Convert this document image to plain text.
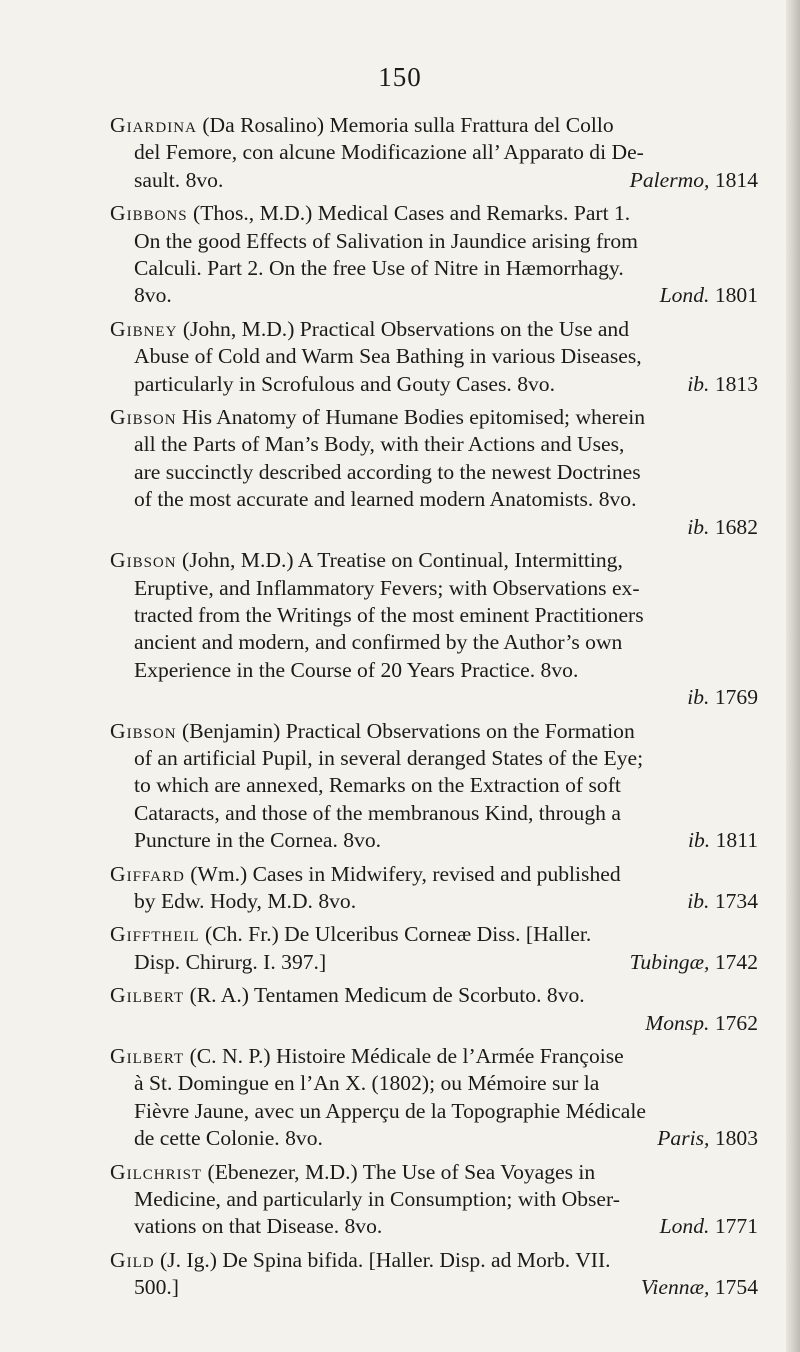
150
Giardina (Da Rosalino) Memoria sulla Frattura del Collo
del Femore, con alcune Modificazione all’ Apparato di De-
sault. 8vo.	Palermo, 1814
Gibbons (Thos., M.D.) Medical Cases and Remarks. Part 1.
On the good Effects of Salivation in Jaundice arising from
Calculi. Part 2. On the free Use of Nitre in Hæmorrhagy.
8vo.	Lond. 1801
Gibney (John, M.D.) Practical Observations on the Use and
Abuse of Cold and Warm Sea Bathing in various Diseases,
particularly in Scrofulous and Gouty Cases. 8vo.	ib. 1813
Gibson His Anatomy of Humane Bodies epitomised; wherein
all the Parts of Man’s Body, with their Actions and Uses,
are succinctly described according to the newest Doctrines
of the most accurate and learned modern Anatomists. 8vo.
ib. 1682
Gibson (John, M.D.) A Treatise on Continual, Intermitting,
Eruptive, and Inflammatory Fevers; with Observations ex-
tracted from the Writings of the most eminent Practitioners
ancient and modern, and confirmed by the Author’s own
Experience in the Course of 20 Years Practice. 8vo.
ib. 1769
Gibson (Benjamin) Practical Observations on the Formation
of an artificial Pupil, in several deranged States of the Eye;
to which are annexed, Remarks on the Extraction of soft
Cataracts, and those of the membranous Kind, through a
Puncture in the Cornea. 8vo.	ib. 1811
Giffard (Wm.) Cases in Midwifery, revised and published
by Edw. Hody, M.D. 8vo.	ib. 1734
Giffthеil (Ch. Fr.) De Ulceribus Corneæ Diss. [Haller.
Disp. Chirurg. I. 397.]	Tubingæ, 1742
Gilbert (R. A.) Tentamen Medicum de Scorbuto. 8vo.
Monsp. 1762
Gilbert (C. N. P.) Histoire Médicale de l’Armée Françoise
à St. Domingue en l’An X. (1802); ou Mémoire sur la
Fièvre Jaune, avec un Apperçu de la Topographie Médicale
de cette Colonie. 8vo.	Paris, 1803
Gilchrist (Ebenezer, M.D.) The Use of Sea Voyages in
Medicine, and particularly in Consumption; with Obser-
vations on that Disease. 8vo.	Lond. 1771
Gild (J. Ig.) De Spina bifida. [Haller. Disp. ad Morb. VII.
500.]	Viennæ, 1754
